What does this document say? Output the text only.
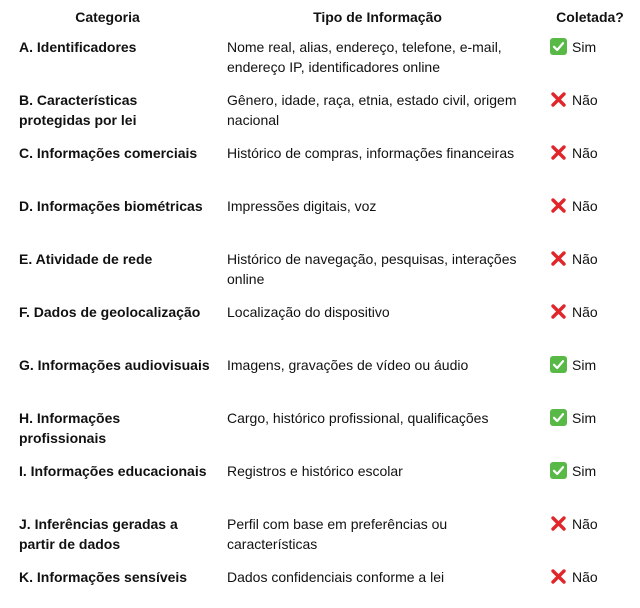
Categoria	Tipo de Informação	Coletada?
A. Identificadores	Nome real, alias, endereço, telefone, e-mail, endereço IP, identificadores online	Sim
B. Características protegidas por lei	Gênero, idade, raça, etnia, estado civil, origem nacional	Não
C. Informações comerciais	Histórico de compras, informações financeiras	Não
D. Informações biométricas	Impressões digitais, voz	Não
E. Atividade de rede	Histórico de navegação, pesquisas, interações online	Não
F. Dados de geolocalização	Localização do dispositivo	Não
G. Informações audiovisuais	Imagens, gravações de vídeo ou áudio	Sim
H. Informações profissionais	Cargo, histórico profissional, qualificações	Sim
I. Informações educacionais	Registros e histórico escolar	Sim
J. Inferências geradas a partir de dados	Perfil com base em preferências ou características	Não
K. Informações sensíveis	Dados confidenciais conforme a lei	Não
